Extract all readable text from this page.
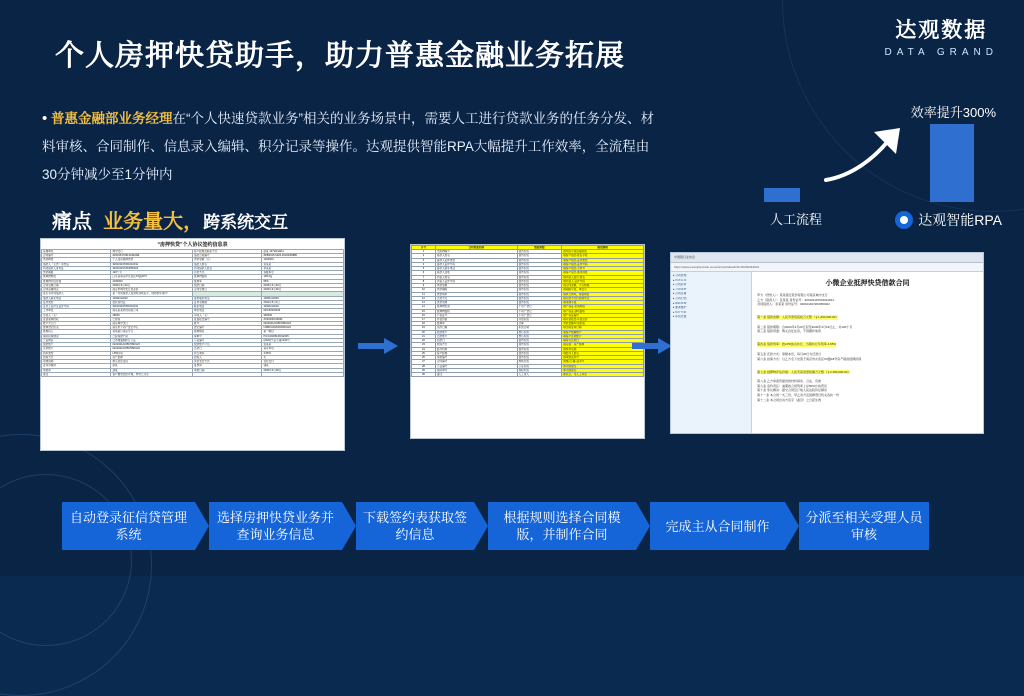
达观数据
DATA GRAND
个人房押快贷助手，助力普惠金融业务拓展
• 普惠金融部业务经理在“个人快速贷款业务”相关的业务场景中，需要人工进行贷款业务的任务分发、材料审核、合同制作、信息录入编辑、积分记录等操作。达观提供智能RPA大幅提升工作效率，全流程由30分钟减少至1分钟内
效率提升300%
人工流程	达观智能RPA
痛点 业务量大，跨系统交互
“房押快贷”个人协议签约信息表
签署单位	城中支行	客户经理及联系方式	赵某 13711111111
合同编号	ZZ20151706133322AB	借款合同编号	ZDB2015-0326-20193300BB
贷款种类	个人住房抵押贷款	贷款金额（元）	1200000
借款人（主贷）身份证	320101197001010011	借款人姓名	张某某
共同借款人身份证	320101197203050022	共同借款人姓名	李某某
贷款期限	120个月	还款方式	等额本息
抵押物地址	江苏省南京市玄武区XX路18号	抵押物面积	138.6㎡
抵押物评估价值	2180000	抵押率	55%
合同签署日期	2020年3月16日	放款日期	2020年3月20日
合同签署地点	南京市城中支行营业部	合同生效日	2020年3月20日
是否有共同借款人	是（共同借款人需同时到场签字，现场核实身份）		
借款人联系电话	13911112222	备用联系电话	13811113333
证件类型	居民身份证	证件有效期	2031年5月1日
证件上证件及证件号码	320101197001010011	联系电话	13911112222
工作单位	南京某某科技有限公司	单位电话	025-83333333
月收入（元）	28000	年收入（元）	336000
征信查询授权	已授权	征信报告编号	ZX20200316001
账户开立行	南京城中支行	账号	6222021234567890123
抵押登记机关	南京市不动产登记中心	登记编号	NJBDC2020031600123
抵押权人	某某银行南京分行	抵押顺位	第一顺位
保险投保情况	已投保财产险	保单号	PICC2020NJ0012345
公证情况	已办理强制执行公证	公证编号	(2020)宁证字第1234号
放款账户	6222021234567890123	放款账户户名	张某某
还款账户	6222021234567890123	还款日	每月20日
利率类型	LPR浮动	执行利率	4.65%
担保方式	房产抵押	担保人	无
用途说明	购买自住住房	资金支付方式	受托支付
业务办理岗	赵某	复核岗	钱某
审批岗	孙某	审批日期	2020年3月18日
备注	客户要求加急办理，材料已齐全		
序号	合同要素名称	数据来源	赋值规则
1	出质物编号	信贷系统	按系统字段直接取值
2	借款人姓名	信贷系统	取客户信息-姓名字段
3	借款人证件类型	信贷系统	取客户信息-证件类型
4	借款人证件号码	信贷系统	取客户信息-证件号码
5	借款人联系电话	信贷系统	取客户信息-手机号
6	借款人住址	信贷系统	取客户信息-通讯地址
7	共借人姓名	信贷系统	取共借人信息-姓名
8	共借人证件号码	信贷系统	取共借人-证件号码
9	贷款金额	信贷系统	取合同金额，大写转换
10	贷款期限	信贷系统	取期限字段，单位月
11	贷款利率	信贷系统	取执行利率，保留两位
12	还款方式	信贷系统	取还款方式代码转中文
13	贷款用途	信贷系统	取用途字段
14	抵押物坐落	不动产登记	取产权证-坐落地址
15	抵押物面积	不动产登记	取产权证-建筑面积
16	产权证号	不动产登记	取产权证编号
17	评估价值	评估系统	取评估报告-评估总价
18	抵押率	计算	贷款金额/评估价值
19	签约日期	系统日期	取当前业务日期
20	放款账户	核心系统	取客户结算账户
21	还款账户	核心系统	取客户还款账户
22	扣款日	信贷系统	取每月还款日
23	担保方式	信贷系统	固定值：房产抵押
24	经办机构	信贷系统	取机构名称
25	客户经理	信贷系统	取经办人姓名
26	审批编号	信贷系统	取审批流水号
27	合同编号	规则生成	前缀+日期+流水号
28	公证编号	公证系统	如无则留空
29	保险单号	保险系统	如无则留空
30	备注	人工录入	默认空，可人工补充
中国银行业协会
https://www.example-bank.com/contract/detail?id=20200316001
▸ 合同管理
▸ 待办任务
▸ 合同起草
▸ 合同审批
▸ 合同签署
▸ 合同归档
▸ 模板管理
▸ 要素维护
▸ 统计分析
▸ 系统设置
小微企业抵押快贷借款合同
甲方（贷款人）：某某银行股份有限公司南京城中支行
乙方（借款人）：张某某 身份证号：320101197001010011
共同借款人：李某某 身份证号：320101197203050022
第一条 借款金额：人民币壹佰贰拾万元整（￥1,200,000.00）
第二条 借款期限：自2020年3月20日起至2030年3月19日止，共120个月
第三条 借款用途：购买自住住房，不得挪作他用
第四条 借款利率：按LPR加点执行，当期执行年利率 4.65%
第五条 还款方式：等额本息，每月20日为还款日
第六条 担保方式：以乙方名下坐落于南京市玄武区XX路18号房产提供抵押担保
第七条 抵押物评估价值：人民币贰佰壹拾捌万元整（￥2,180,000.00）
第八条 乙方承诺所提供的材料真实、合法、有效
第九条 违约责任：逾期按合同利率上浮50%计收罚息
第十条 争议解决：提交合同签订地人民法院诉讼解决
第十一条 本合同一式三份，甲乙双方及抵押登记机关各执一份
第十二条 本合同自双方签字（盖章）之日起生效
自动登录征信贷管理系统
选择房押快贷业务并查询业务信息
下载签约表获取签约信息
根据规则选择合同模版，并制作合同
完成主从合同制作
分派至相关受理人员审核
